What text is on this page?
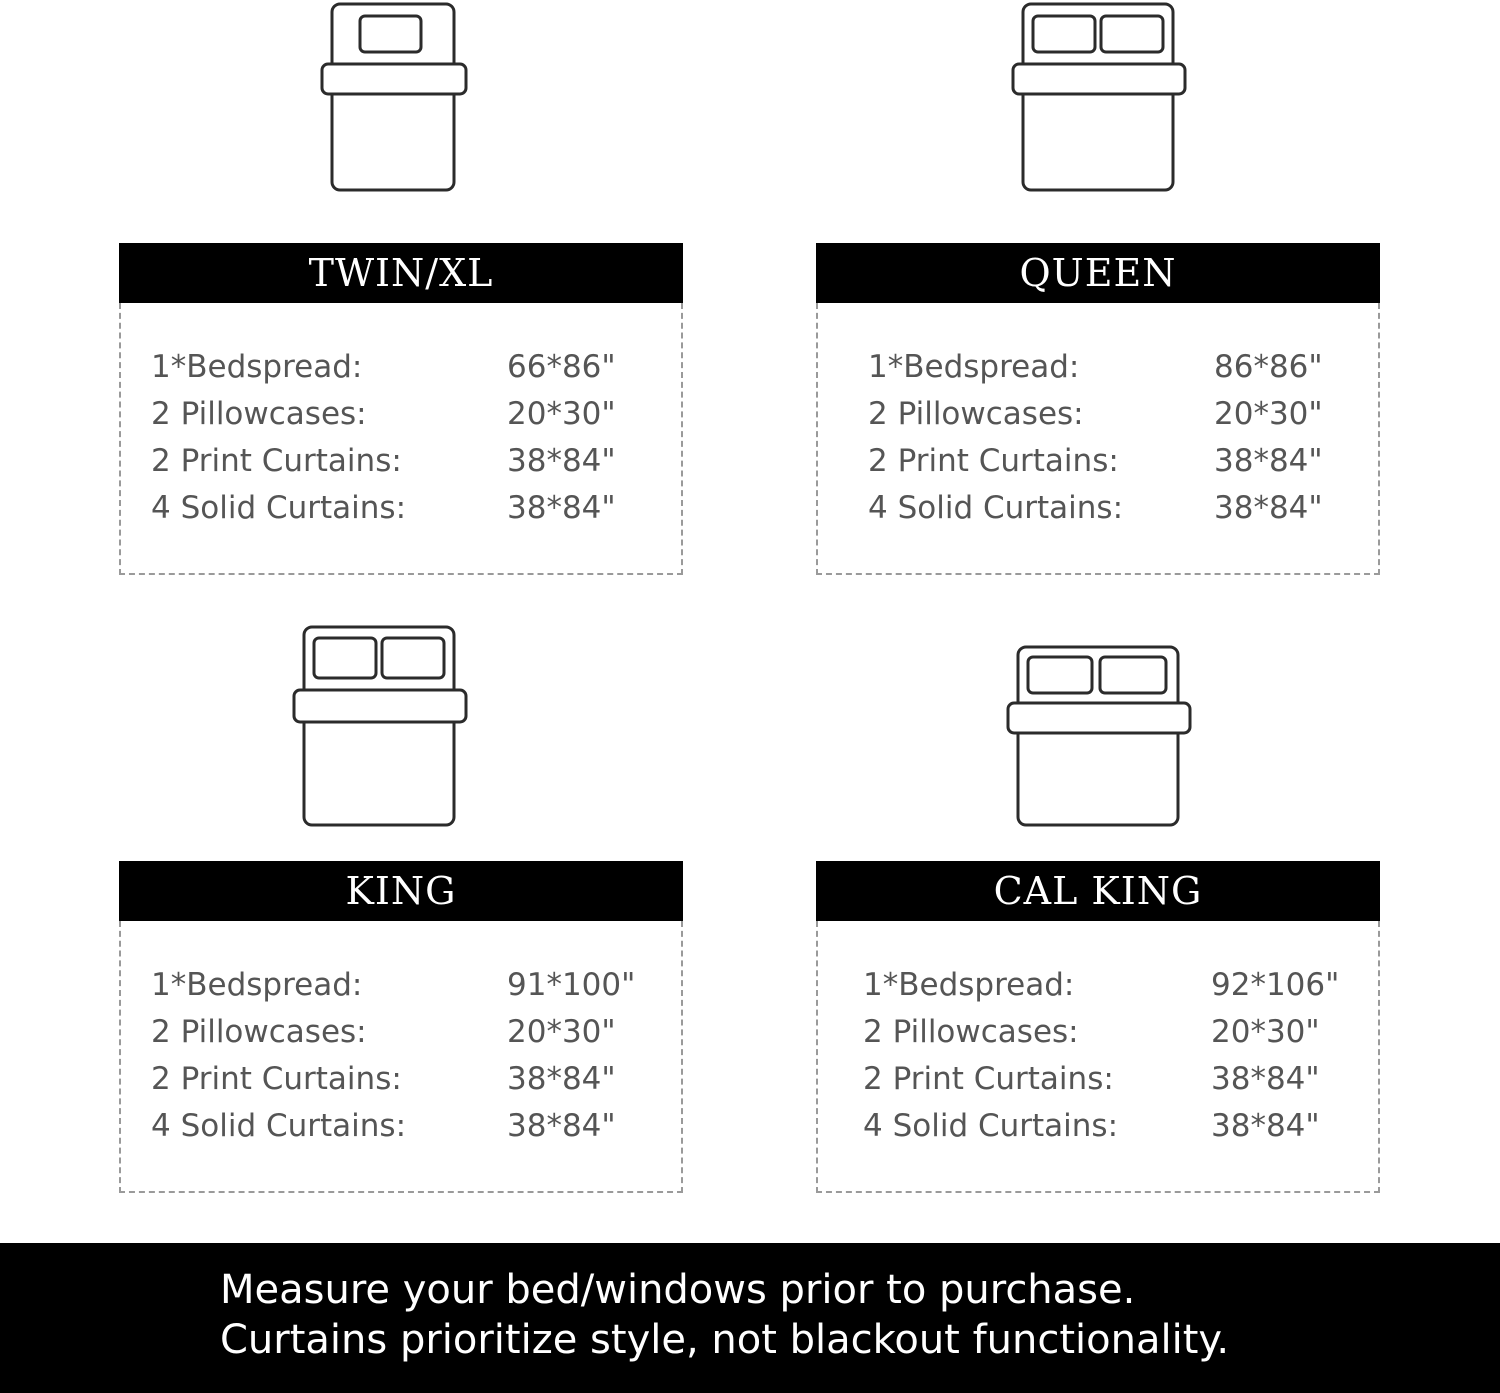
TWIN/XL
1*Bedspread:	66*86"
2 Pillowcases:	20*30"
2 Print Curtains:	38*84"
4 Solid Curtains:	38*84"
QUEEN
1*Bedspread:	86*86"
2 Pillowcases:	20*30"
2 Print Curtains:	38*84"
4 Solid Curtains:	38*84"
KING
1*Bedspread:	91*100"
2 Pillowcases:	20*30"
2 Print Curtains:	38*84"
4 Solid Curtains:	38*84"
CAL KING
1*Bedspread:	92*106"
2 Pillowcases:	20*30"
2 Print Curtains:	38*84"
4 Solid Curtains:	38*84"
Measure your bed/windows prior to purchase.
Curtains prioritize style, not blackout functionality.
